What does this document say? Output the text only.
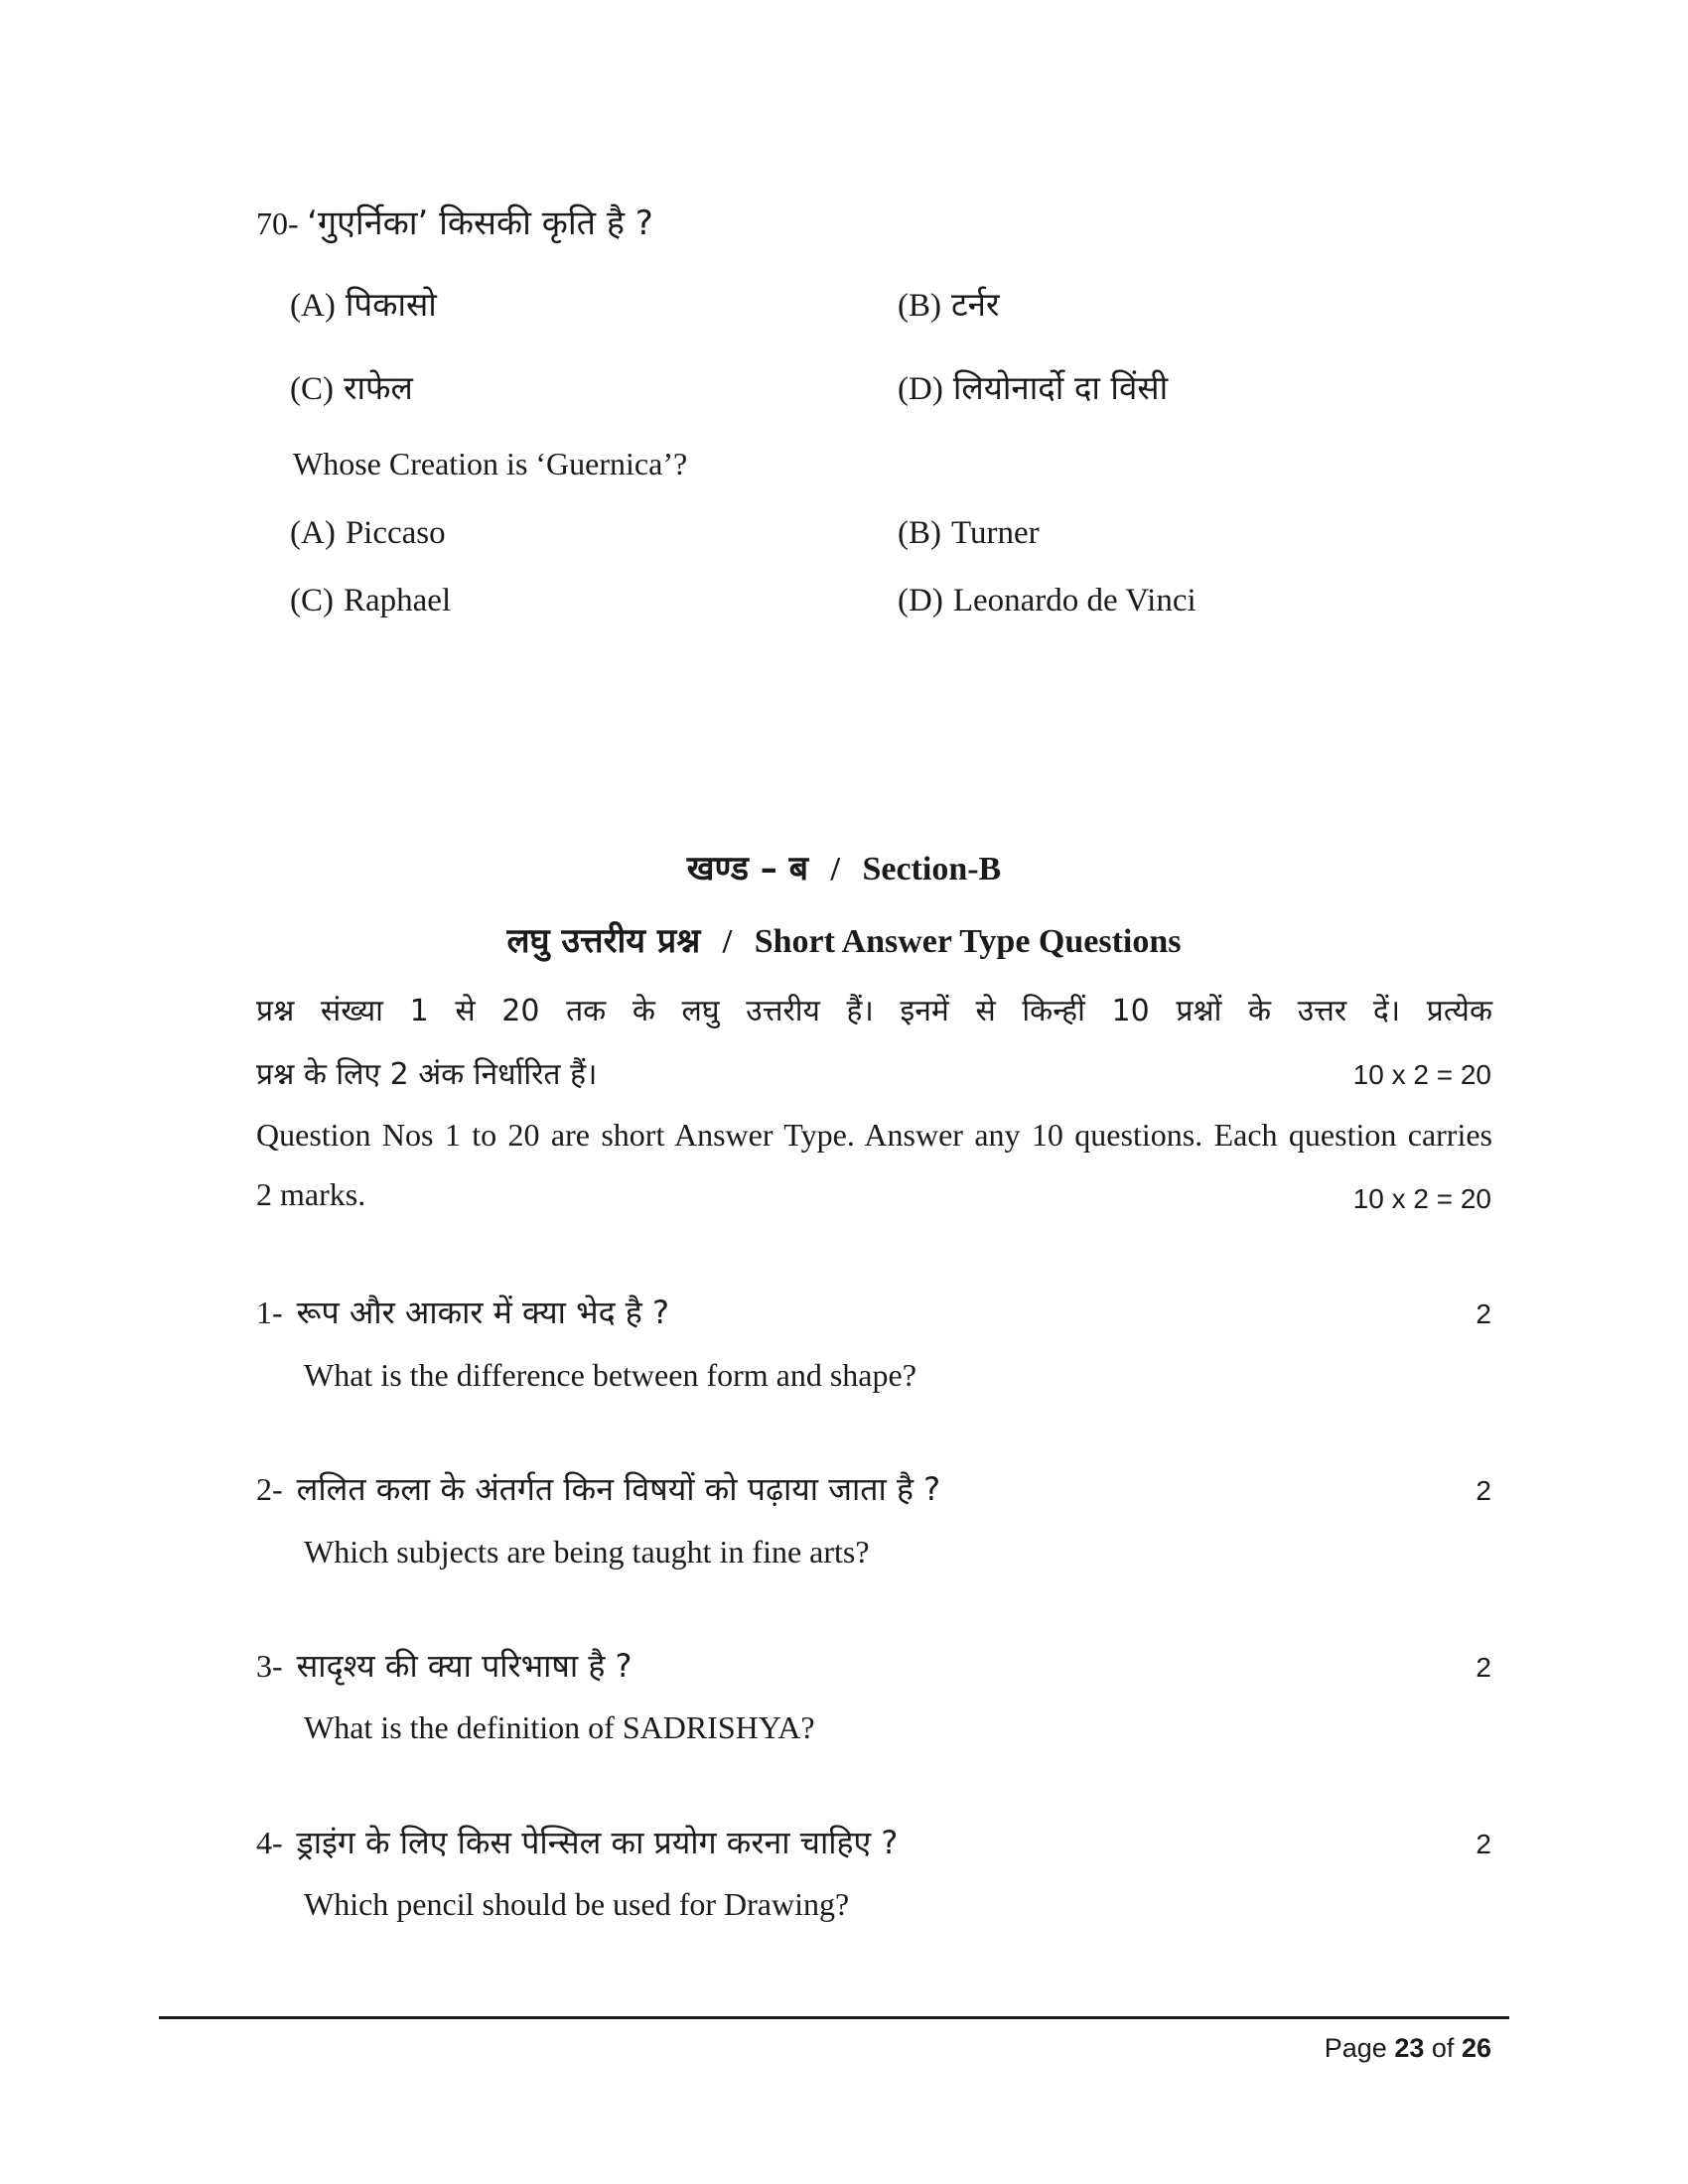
70- ‘गुएर्निका’ किसकी कृति है ?
(A) पिकासो	(B) टर्नर
(C) राफेल	(D) लियोनार्दो दा विंसी
Whose Creation is ‘Guernica’?
(A) Piccaso	(B) Turner
(C) Raphael	(D) Leonardo de Vinci
खण्ड – ब / Section-B
लघु उत्तरीय प्रश्न / Short Answer Type Questions
प्रश्न संख्या 1 से 20 तक के लघु उत्तरीय हैं। इनमें से किन्हीं 10 प्रश्नों के उत्तर दें। प्रत्येक
प्रश्न के लिए 2 अंक निर्धारित हैं।	10 x 2 = 20
Question Nos 1 to 20 are short Answer Type. Answer any 10 questions. Each question carries
2 marks.	10 x 2 = 20
1- रूप और आकार में क्या भेद है ?	2
What is the difference between form and shape?
2- ललित कला के अंतर्गत किन विषयों को पढ़ाया जाता है ?	2
Which subjects are being taught in fine arts?
3- सादृश्य की क्या परिभाषा है ?	2
What is the definition of SADRISHYA?
4- ड्राइंग के लिए किस पेन्सिल का प्रयोग करना चाहिए ?	2
Which pencil should be used for Drawing?
Page 23 of 26
